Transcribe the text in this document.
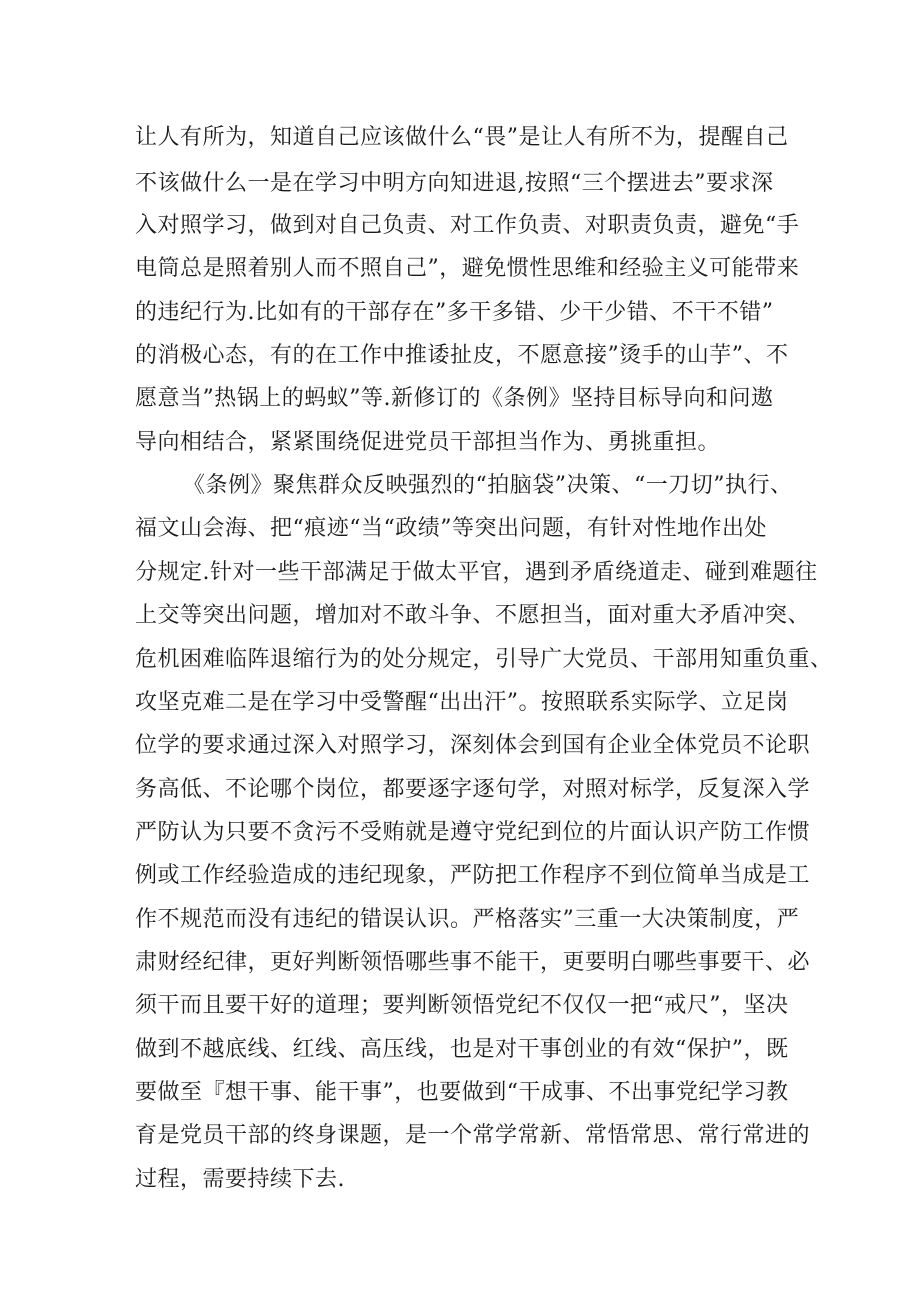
让人有所为，知道自己应该做什么“畏”是让人有所不为，提醒自己
不该做什么一是在学习中明方向知进退,按照“三个摆进去”要求深
入对照学习，做到对自己负责、对工作负责、对职责负责，避免“手
电筒总是照着别人而不照自己”，避免惯性思维和经验主义可能带来
的违纪行为.比如有的干部存在”多干多错、少干少错、不干不错”
的消极心态，有的在工作中推诿扯皮，不愿意接”烫手的山芋”、不
愿意当”热锅上的蚂蚁”等.新修订的《条例》坚持目标导向和问遨
导向相结合，紧紧围绕促进党员干部担当作为、勇挑重担。
《条例》聚焦群众反映强烈的“拍脑袋”决策、“一刀切”执行、
福文山会海、把“痕迹“当“政绩”等突出问题，有针对性地作出处
分规定.针对一些干部满足于做太平官，遇到矛盾绕道走、碰到难题往
上交等突出问题，增加对不敢斗争、不愿担当，面对重大矛盾冲突、
危机困难临阵退缩行为的处分规定，引导广大党员、干部用知重负重、
攻坚克难二是在学习中受警醒“出出汗”。按照联系实际学、立足岗
位学的要求通过深入对照学习，深刻体会到国有企业全体党员不论职
务高低、不论哪个岗位，都要逐字逐句学，对照对标学，反复深入学
严防认为只要不贪污不受贿就是遵守党纪到位的片面认识产防工作惯
例或工作经验造成的违纪现象，严防把工作程序不到位简单当成是工
作不规范而没有违纪的错误认识。严格落实”三重一大决策制度，严
肃财经纪律，更好判断领悟哪些事不能干，更要明白哪些事要干、必
须干而且要干好的道理；要判断领悟党纪不仅仅一把“戒尺”，坚决
做到不越底线、红线、高压线，也是对干事创业的有效“保护”，既
要做至『想干事、能干事”，也要做到“干成事、不出事党纪学习教
育是党员干部的终身课题，是一个常学常新、常悟常思、常行常进的
过程，需要持续下去.
